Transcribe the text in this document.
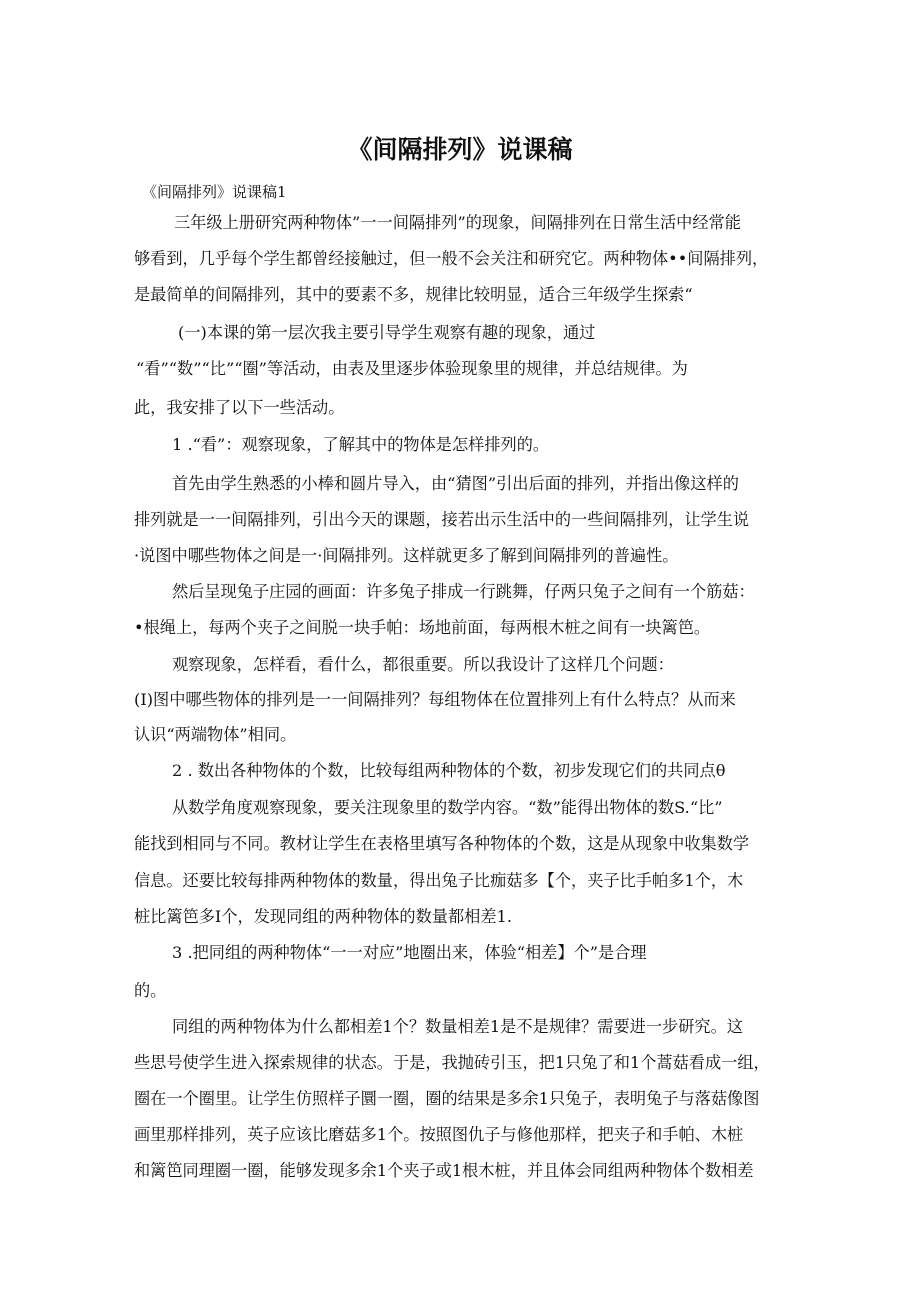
《间隔排列》说课稿
《间隔排列》说课稿1
三年级上册研究两种物体”一一间隔排列”的现象，间隔排列在日常生活中经常能
够看到，几乎每个学生都曾经接触过，但一般不会关注和研究它。两种物体••间隔排列，
是最简单的间隔排列，其中的要素不多，规律比较明显，适合三年级学生探索“
(一)本课的第一层次我主要引导学生观察有趣的现象，通过
“看”“数”“比”“圈”等活动，由表及里逐步体验现象里的规律，并总结规律。为
此，我安排了以下一些活动。
1 .“看”：观察现象，了解其中的物体是怎样排列的。
首先由学生熟悉的小棒和圆片导入，由“猜图”引出后面的排列，并指出像这样的
排列就是一一间隔排列，引出今天的课题，接若出示生活中的一些间隔排列，让学生说
·说图中哪些物体之间是一·间隔排列。这样就更多了解到间隔排列的普遍性。
然后呈现兔子庄园的画面：许多兔子排成一行跳舞，仔两只兔子之间有一个筋菇：
•根绳上，每两个夹子之间脱一块手帕：场地前面，每两根木桩之间有一块篱笆。
观察现象，怎样看，看什么，都很重要。所以我设计了这样几个问题：
(I)图中哪些物体的排列是一一间隔排列？每组物体在位置排列上有什么特点？从而来
认识“两端物体”相同。
2 . 数出各种物体的个数，比较每组两种物体的个数，初步发现它们的共同点θ
从数学角度观察现象，要关注现象里的数学内容。“数”能得出物体的数S.“比”
能找到相同与不同。教材让学生在表格里填写各种物体的个数，这是从现象中收集数学
信息。还要比较每排两种物体的数量，得出兔子比痂菇多【个，夹子比手帕多1个，木
桩比篱笆多I个，发现同组的两种物体的数量都相差1.
3 .把同组的两种物体“一一对应”地圈出来，体验“相差】个”是合理
的。
同组的两种物体为什么都相差1个？数量相差1是不是规律？需要进一步研究。这
些思号使学生进入探索规律的状态。于是，我抛砖引玉，把1只兔了和1个蒿菇看成一组，
圈在一个圈里。让学生仿照样子圜一圈，圈的结果是多余1只兔子，表明兔子与落菇像图
画里那样排列，英子应该比磨菇多1个。按照图仇子与修他那样，把夹子和手帕、木桩
和篱笆同理圈一圈，能够发现多余1个夹子或1根木桩，并且体会同组两种物体个数相差
